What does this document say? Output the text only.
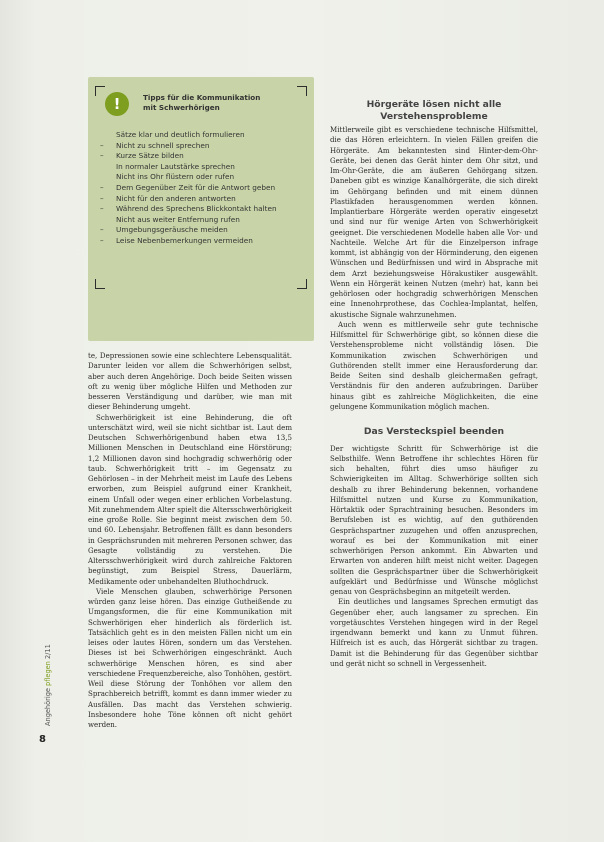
!	Tipps für die Kommunikation
mit Schwerhörigen
Sätze klar und deutlich formulieren
– Nicht zu schnell sprechen
– Kurze Sätze bilden
In normaler Lautstärke sprechen
Nicht ins Ohr flüstern oder rufen
– Dem Gegenüber Zeit für die Antwort geben
– Nicht für den anderen antworten
– Während des Sprechens Blickkontakt halten
Nicht aus weiter Entfernung rufen
– Umgebungsgeräusche meiden
– Leise Nebenbemerkungen vermeiden

te, Depressionen sowie eine schlechtere Lebensqualität. Darunter leiden vor allem die Schwerhörigen selbst, aber auch deren Angehörige. Doch beide Seiten wissen oft zu wenig über mögliche Hilfen und Methoden zur besseren Verständigung und darüber, wie man mit dieser Behinderung umgeht.

Schwerhörigkeit ist eine Behinderung, die oft unterschätzt wird, weil sie nicht sichtbar ist. Laut dem Deutschen Schwerhörigenbund haben etwa 13,5 Millionen Menschen in Deutschland eine Hörstörung; 1,2 Millionen davon sind hochgradig schwerhörig oder taub. Schwerhörigkeit tritt – im Gegensatz zu Gehörlosen – in der Mehrheit meist im Laufe des Lebens erworben, zum Beispiel aufgrund einer Krankheit, einem Unfall oder wegen einer erblichen Vorbelastung. Mit zunehmendem Alter spielt die Altersschwerhörigkeit eine große Rolle. Sie beginnt meist zwischen dem 50. und 60. Lebensjahr. Betroffenen fällt es dann besonders in Gesprächsrunden mit mehreren Personen schwer, das Gesagte vollständig zu verstehen. Die Altersschwerhörigkeit wird durch zahlreiche Faktoren begünstigt, zum Beispiel Stress, Dauerlärm, Medikamente oder unbehandelten Bluthochdruck.

Viele Menschen glauben, schwerhörige Personen würden ganz leise hören. Das einzige Gutheißende zu Umgangsformen, die für eine Kommunikation mit Schwerhörigen eher hinderlich als förderlich ist. Tatsächlich geht es in den meisten Fällen nicht um ein leises oder lautes Hören, sondern um das Verstehen. Dieses ist bei Schwerhörigen eingeschränkt. Auch schwerhörige Menschen hören, es sind aber verschiedene Frequenzbereiche, also Tonhöhen, gestört. Weil diese Störung der Tonhöhen vor allem den Sprachbereich betrifft, kommt es dann immer wieder zu Ausfällen. Das macht das Verstehen schwierig. Insbesondere hohe Töne können oft nicht gehört werden.

Hörgeräte lösen nicht alle
Verstehensprobleme

Mittlerweile gibt es verschiedene technische Hilfsmittel, die das Hören erleichtern. In vielen Fällen greifen die Hörgeräte. Am bekanntesten sind Hinter-dem-Ohr-Geräte, bei denen das Gerät hinter dem Ohr sitzt, und Im-Ohr-Geräte, die am äußeren Gehörgang sitzen. Daneben gibt es winzige Kanalhörgeräte, die sich direkt im Gehörgang befinden und mit einem dünnen Plastikfaden herausgenommen werden können. Implantierbare Hörgeräte werden operativ eingesetzt und sind nur für wenige Arten von Schwerhörigkeit geeignet. Die verschiedenen Modelle haben alle Vor- und Nachteile. Welche Art für die Einzelperson infrage kommt, ist abhängig von der Hörminderung, den eigenen Wünschen und Bedürfnissen und wird in Absprache mit dem Arzt beziehungsweise Hörakustiker ausgewählt. Wenn ein Hörgerät keinen Nutzen (mehr) hat, kann bei gehörlosen oder hochgradig schwerhörigen Menschen eine Innenohrprothese, das Cochlea-Implantat, helfen, akustische Signale wahrzunehmen.

Auch wenn es mittlerweile sehr gute technische Hilfsmittel für Schwerhörige gibt, so können diese die Verstehensprobleme nicht vollständig lösen. Die Kommunikation zwischen Schwerhörigen und Guthörenden stellt immer eine Herausforderung dar. Beide Seiten sind deshalb gleichermaßen gefragt, Verständnis für den anderen aufzubringen. Darüber hinaus gibt es zahlreiche Möglichkeiten, die eine gelungene Kommunikation möglich machen.

Das Versteckspiel beenden

Der wichtigste Schritt für Schwerhörige ist die Selbsthilfe. Wenn Betroffene ihr schlechtes Hören für sich behalten, führt dies umso häufiger zu Schwierigkeiten im Alltag. Schwerhörige sollten sich deshalb zu ihrer Behinderung bekennen, vorhandene Hilfsmittel nutzen und Kurse zu Kommunikation, Hörtaktik oder Sprachtraining besuchen. Besonders im Berufsleben ist es wichtig, auf den guthörenden Gesprächspartner zuzugehen und offen anzusprechen, worauf es bei der Kommunikation mit einer schwerhörigen Person ankommt. Ein Abwarten und Erwarten von anderen hilft meist nicht weiter. Dagegen sollten die Gesprächspartner über die Schwerhörigkeit aufgeklärt und Bedürfnisse und Wünsche möglichst genau von Gesprächsbeginn an mitgeteilt werden.

Ein deutliches und langsames Sprechen ermutigt das Gegenüber eher, auch langsamer zu sprechen. Ein vorgetäuschtes Verstehen hingegen wird in der Regel irgendwann bemerkt und kann zu Unmut führen. Hilfreich ist es auch, das Hörgerät sichtbar zu tragen. Damit ist die Behinderung für das Gegenüber sichtbar und gerät nicht so schnell in Vergessenheit.

Angehörige pflegen 2/11
8
